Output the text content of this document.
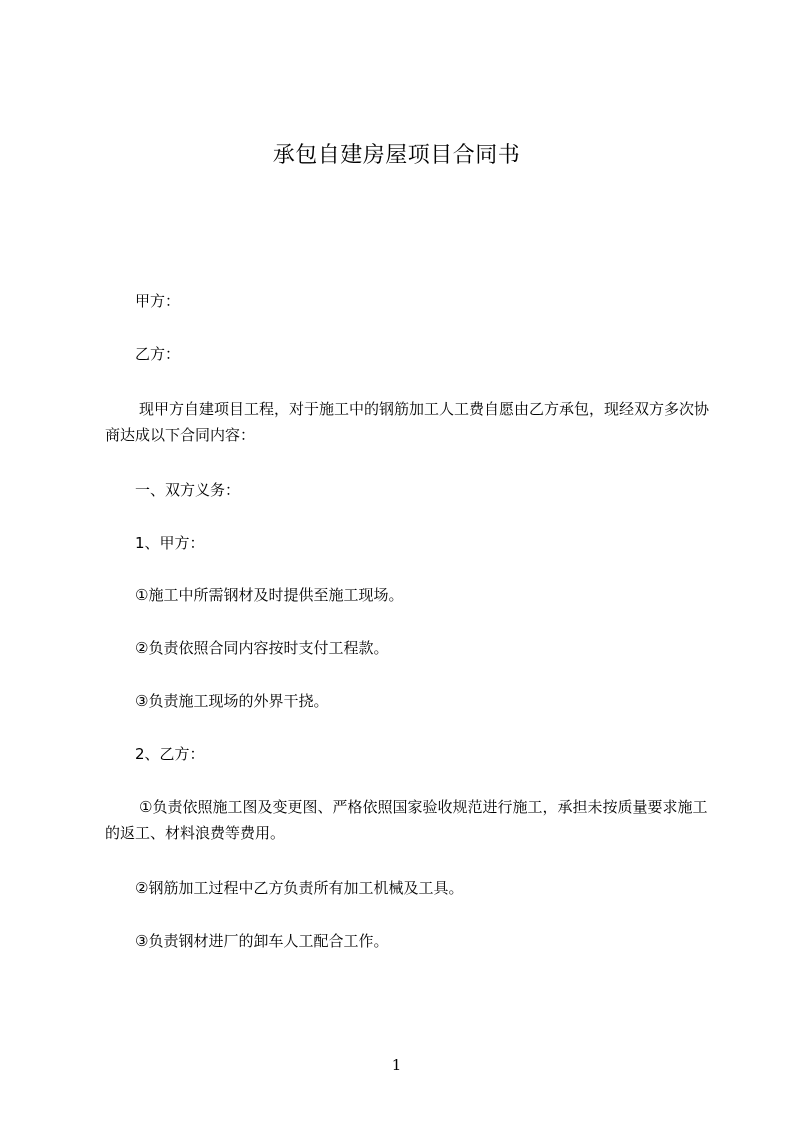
承包自建房屋项目合同书

甲方：

乙方：

现甲方自建项目工程，对于施工中的钢筋加工人工费自愿由乙方承包，现经双方多次协商达成以下合同内容：

一、双方义务：

1、甲方：

①施工中所需钢材及时提供至施工现场。

②负责依照合同内容按时支付工程款。

③负责施工现场的外界干挠。

2、乙方：

①负责依照施工图及变更图、严格依照国家验收规范进行施工，承担未按质量要求施工的返工、材料浪费等费用。

②钢筋加工过程中乙方负责所有加工机械及工具。

③负责钢材进厂的卸车人工配合工作。

1
